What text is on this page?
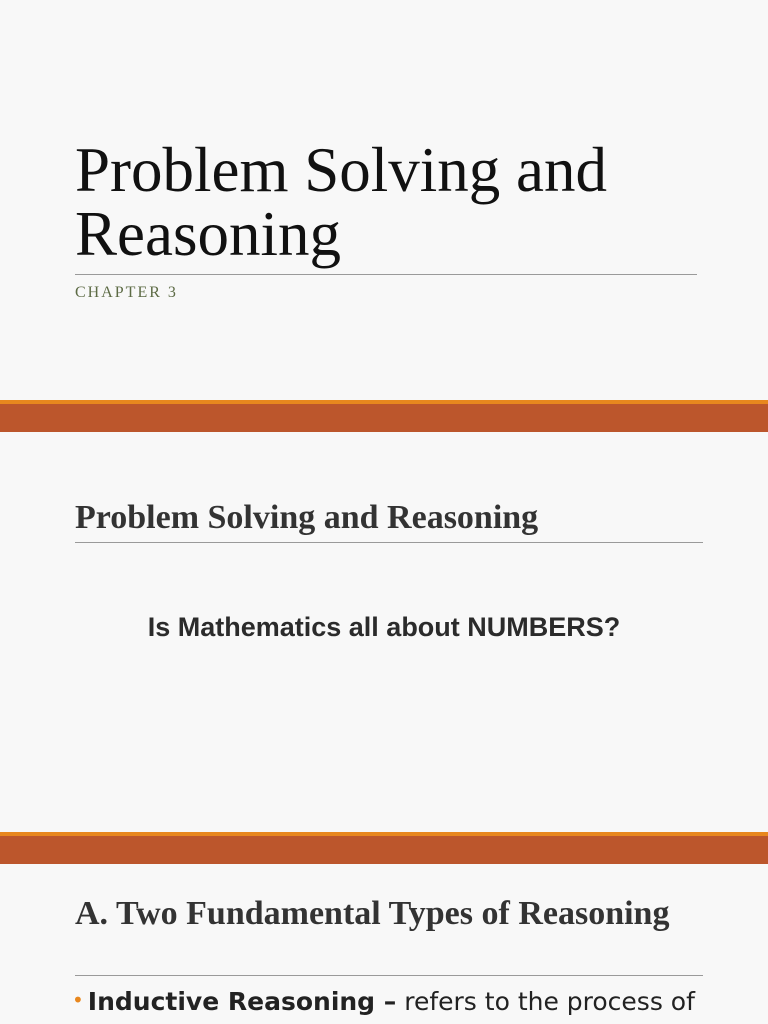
Problem Solving and Reasoning
CHAPTER 3
Problem Solving and Reasoning
Is Mathematics all about NUMBERS?
A. Two Fundamental Types of Reasoning
• Inductive Reasoning – refers to the process of
